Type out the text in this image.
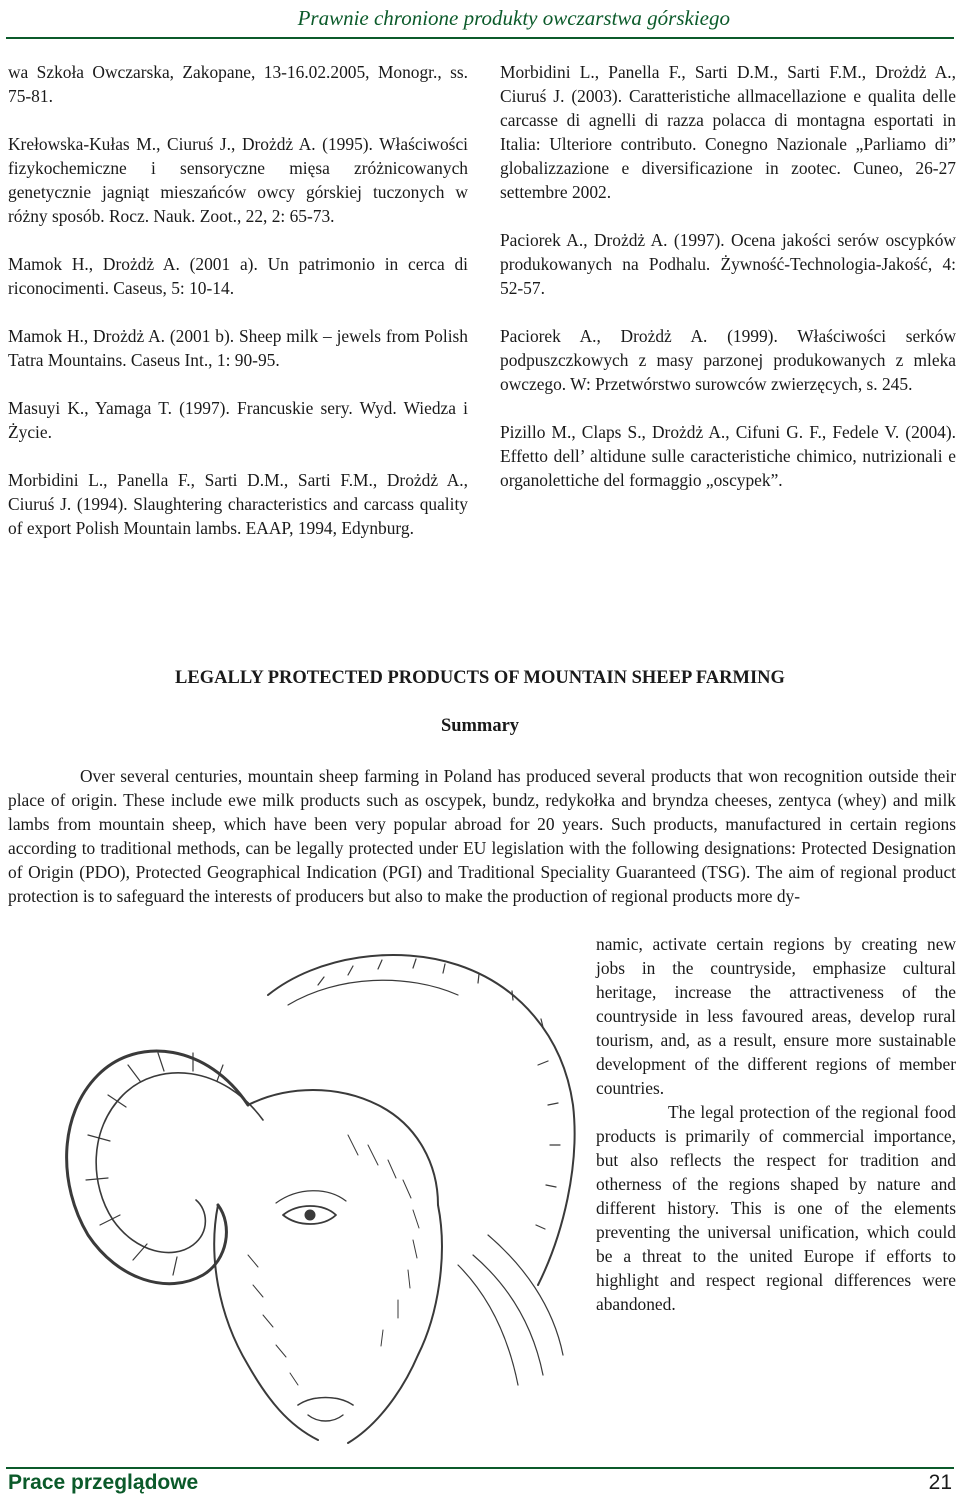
Prawnie chronione produkty owczarstwa górskiego

wa Szkoła Owczarska, Zakopane, 13-16.02.2005, Monogr., ss. 75-81.

Krełowska-Kułas M., Ciuruś J., Drożdż A. (1995). Właściwości fizykochemiczne i sensoryczne mięsa zróżnicowanych genetycznie jagniąt mieszańców owcy górskiej tuczonych w różny sposób. Rocz. Nauk. Zoot., 22, 2: 65-73.

Mamok H., Drożdż A. (2001 a). Un patrimonio in cerca di riconocimenti. Caseus, 5: 10-14.

Mamok H., Drożdż A. (2001 b). Sheep milk – jewels from Polish Tatra Mountains. Caseus Int., 1: 90-95.

Masuyi K., Yamaga T. (1997). Francuskie sery. Wyd. Wiedza i Życie.

Morbidini L., Panella F., Sarti D.M., Sarti F.M., Drożdż A., Ciuruś J. (1994). Slaughtering characteristics and carcass quality of export Polish Mountain lambs. EAAP, 1994, Edynburg.

Morbidini L., Panella F., Sarti D.M., Sarti F.M., Drożdż A., Ciuruś J. (2003). Caratteristiche allmacellazione e qualita delle carcasse di agnelli di razza polacca di montagna esportati in Italia: Ulteriore contributo. Conegno Nazionale „Parliamo di” globalizzazione e diversificazione in zootec. Cuneo, 26-27 settembre 2002.

Paciorek A., Drożdż A. (1997). Ocena jakości serów oscypków produkowanych na Podhalu. Żywność-Technologia-Jakość, 4: 52-57.

Paciorek A., Drożdż A. (1999). Właściwości serków podpuszczkowych z masy parzonej produkowanych z mleka owczego. W: Przetwórstwo surowców zwierzęcych, s. 245.

Pizillo M., Claps S., Drożdż A., Cifuni G. F., Fedele V. (2004). Effetto dell’ altidune sulle caracteristiche chimico, nutrizionali e organolettiche del formaggio „oscypek”.

LEGALLY PROTECTED PRODUCTS OF MOUNTAIN SHEEP FARMING
Summary

Over several centuries, mountain sheep farming in Poland has produced several products that won recognition outside their place of origin. These include ewe milk products such as oscypek, bundz, redykołka and bryndza cheeses, zentyca (whey) and milk lambs from mountain sheep, which have been very popular abroad for 20 years. Such products, manufactured in certain regions according to traditional methods, can be legally protected under EU legislation with the following designations: Protected Designation of Origin (PDO), Protected Geographical Indication (PGI) and Traditional Speciality Guaranteed (TSG). The aim of regional product protection is to safeguard the interests of producers but also to make the production of regional products more dy-

namic, activate certain regions by creating new jobs in the countryside, emphasize cultural heritage, increase the attractiveness of the countryside in less favoured areas, develop rural tourism, and, as a result, ensure more sustainable development of the different regions of member countries.

The legal protection of the regional food products is primarily of commercial importance, but also reflects the respect for tradition and otherness of the regions shaped by nature and different history. This is one of the elements preventing the universal unification, which could be a threat to the united Europe if efforts to highlight and respect regional differences were abandoned.

Prace przeglądowe	21
